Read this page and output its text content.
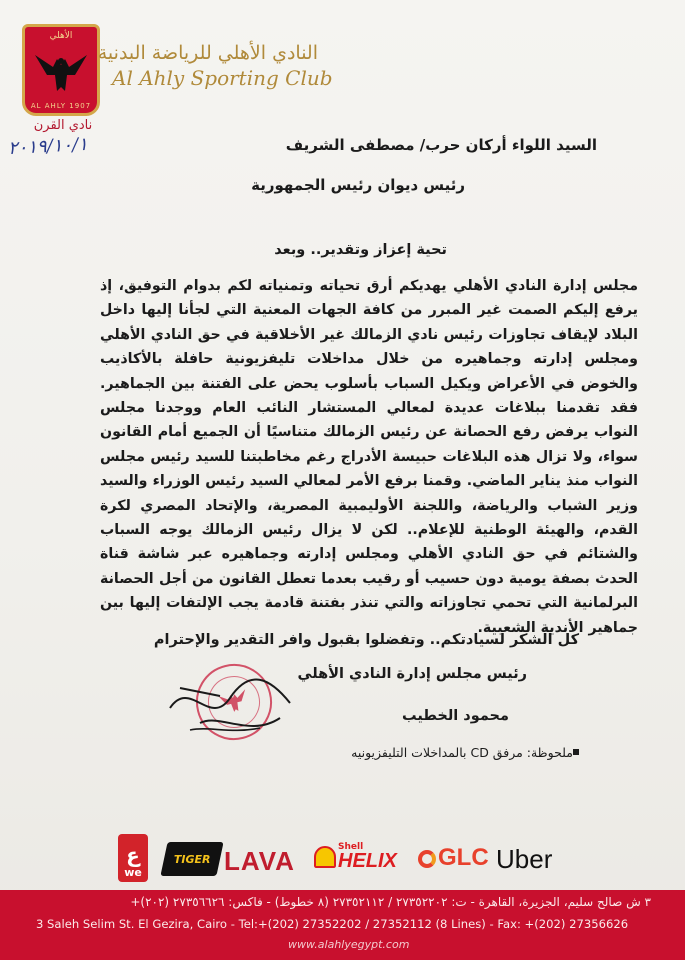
الأهلي
AL AHLY 1907
نادي القرن
النادي الأهلي للرياضة البدنية
Al Ahly Sporting Club
٢٠١٩/١٠/١	السيد اللواء أركان حرب/ مصطفى الشريف
رئيس ديوان رئيس الجمهورية
تحية إعزاز وتقدير.. وبعد
مجلس إدارة النادي الأهلي يهديكم أرق تحياته وتمنياته لكم بدوام التوفيق، إذ يرفع إليكم الصمت غير المبرر من كافة الجهات المعنية التي لجأنا إليها داخل البلاد لإيقاف تجاوزات رئيس نادي الزمالك غير الأخلاقية في حق النادي الأهلي ومجلس إدارته وجماهيره من خلال مداخلات تليفزيونية حافلة بالأكاذيب والخوض في الأعراض ويكيل السباب بأسلوب يحض على الفتنة بين الجماهير. فقد تقدمنا ببلاغات عديدة لمعالي المستشار النائب العام ووجدنا مجلس النواب يرفض رفع الحصانة عن رئيس الزمالك متناسيًا أن الجميع أمام القانون سواء، ولا تزال هذه البلاغات حبيسة الأدراج رغم مخاطبتنا للسيد رئيس مجلس النواب منذ يناير الماضي. وقمنا برفع الأمر لمعالي السيد رئيس الوزراء والسيد وزير الشباب والرياضة، واللجنة الأوليمبية المصرية، والإتحاد المصري لكرة القدم، والهيئة الوطنية للإعلام.. لكن لا يزال رئيس الزمالك يوجه السباب والشتائم في حق النادي الأهلي ومجلس إدارته وجماهيره عبر شاشة قناة الحدث بصفة يومية دون حسيب أو رقيب بعدما تعطل القانون من أجل الحصانة البرلمانية التي تحمي تجاوزاته والتي تنذر بفتنة قادمة يجب الإلتفات إليها بين جماهير الأندية الشعبية.
كل الشكر لسيادتكم.. وتفضلوا بقبول وافر التقدير والإحترام
رئيس مجلس إدارة النادي الأهلي
محمود الخطيب
ملحوظة: مرفق CD بالمداخلات التليفزيونيه
ع
we
TIGER LAVA	Shell
HELIX GLC Uber
٣ ش صالح سليم، الجزيرة، القاهرة - ت: ٢٧٣٥٢٢٠٢ / ٢٧٣٥٢١١٢ (٨ خطوط) - فاكس: ٢٧٣٥٦٦٢٦ (٢٠٢)+
3 Saleh Selim St. El Gezira, Cairo - Tel:+(202) 27352202 / 27352112 (8 Lines) - Fax: +(202) 27356626
www.alahlyegypt.com
